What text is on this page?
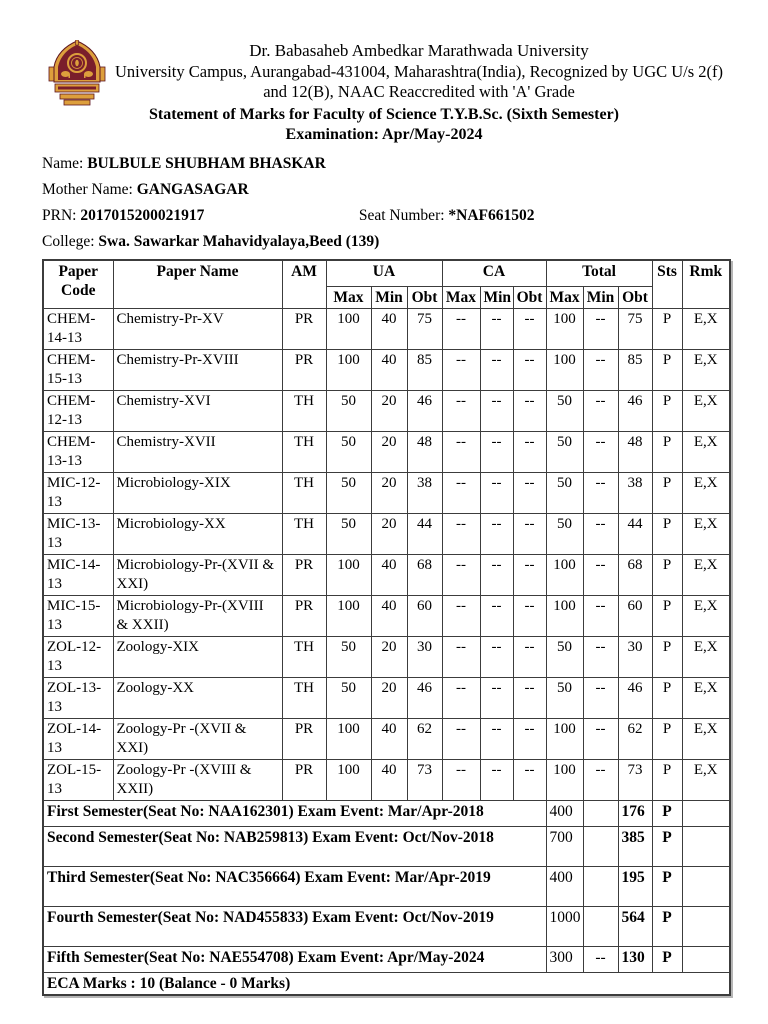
Dr. Babasaheb Ambedkar Marathwada University
University Campus, Aurangabad-431004, Maharashtra(India), Recognized by UGC U/s 2(f) and 12(B), NAAC Reaccredited with 'A' Grade
Statement of Marks for Faculty of Science T.Y.B.Sc. (Sixth Semester)
Examination: Apr/May-2024
Name: BULBULE SHUBHAM BHASKAR
Mother Name: GANGASAGAR
PRN: 2017015200021917	Seat Number: *NAF661502
College: Swa. Sawarkar Mahavidyalaya,Beed (139)
Paper Code	Paper Name	AM	UA			CA			Total			Sts	Rmk
			Max	Min	Obt	Max	Min	Obt	Max	Min	Obt		
CHEM-14-13	Chemistry-Pr-XV	PR	100	40	75	--	--	--	100	--	75	P	E,X
CHEM-15-13	Chemistry-Pr-XVIII	PR	100	40	85	--	--	--	100	--	85	P	E,X
CHEM-12-13	Chemistry-XVI	TH	50	20	46	--	--	--	50	--	46	P	E,X
CHEM-13-13	Chemistry-XVII	TH	50	20	48	--	--	--	50	--	48	P	E,X
MIC-12-13	Microbiology-XIX	TH	50	20	38	--	--	--	50	--	38	P	E,X
MIC-13-13	Microbiology-XX	TH	50	20	44	--	--	--	50	--	44	P	E,X
MIC-14-13	Microbiology-Pr-(XVII & XXI)	PR	100	40	68	--	--	--	100	--	68	P	E,X
MIC-15-13	Microbiology-Pr-(XVIII & XXII)	PR	100	40	60	--	--	--	100	--	60	P	E,X
ZOL-12-13	Zoology-XIX	TH	50	20	30	--	--	--	50	--	30	P	E,X
ZOL-13-13	Zoology-XX	TH	50	20	46	--	--	--	50	--	46	P	E,X
ZOL-14-13	Zoology-Pr -(XVII & XXI)	PR	100	40	62	--	--	--	100	--	62	P	E,X
ZOL-15-13	Zoology-Pr -(XVIII & XXII)	PR	100	40	73	--	--	--	100	--	73	P	E,X
First Semester(Seat No: NAA162301) Exam Event: Mar/Apr-2018									400		176	P	
Second Semester(Seat No: NAB259813) Exam Event: Oct/Nov-2018									700		385	P	
Third Semester(Seat No: NAC356664) Exam Event: Mar/Apr-2019									400		195	P	
Fourth Semester(Seat No: NAD455833) Exam Event: Oct/Nov-2019									1000		564	P	
Fifth Semester(Seat No: NAE554708) Exam Event: Apr/May-2024									300	--	130	P	
ECA Marks : 10 (Balance - 0 Marks)													
